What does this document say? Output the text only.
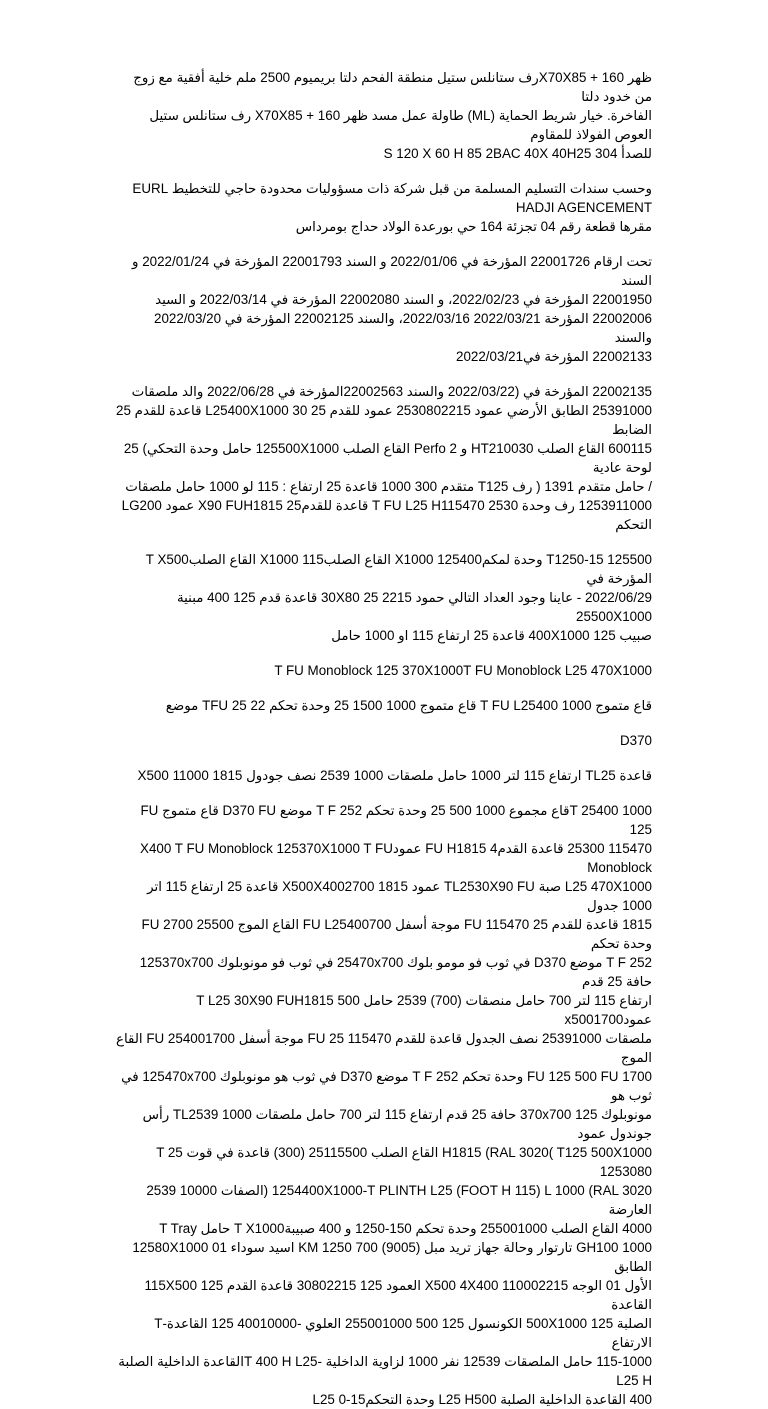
ظهر 160 + X70X85رف ستانلس ستيل منطقة الفحم دلتا بريميوم 2500 ملم خلية أفقية مع زوج من خدود دلتا
الفاخرة. خيار شريط الحماية (ML) طاولة عمل مسد ظهر 160 + X70X85 رف ستانلس ستيل العوص الفولاذ للمقاوم
للصدأ 304 S 120 X 60 H 85 2BAC 40X 40H25
وحسب سندات التسليم المسلمة من قبل شركة ذات مسؤوليات محدودة حاجي للتخطيط EURL HADJI AGENCEMENT
مقرها قطعة رقم 04 تجزئة 164 حي بورعدة الولاد حداج بومرداس
تحت ارقام 22001726 المؤرخة في 2022/01/06 و السند 22001793 المؤرخة في 2022/01/24 و السند
22001950 المؤرخة في 2022/02/23، و السند 22002080 المؤرخة في 2022/03/14 و السيد
22002006 المؤرخة 2022/03/21 2022/03/16، والسند 22002125 المؤرخة في 2022/03/20 والسند
22002133 المؤرخة في2022/03/21
22002135 المؤرخة في (2022/03/22 والسند 22002563المؤرخة في 2022/06/28 والد ملصقات
25391000 الطابق الأرضي عمود 2530802215 عمود للقدم 25 30 L25400X1000 قاعدة للقدم 25 الضابط
600115 القاع الصلب HT210030 و Perfo 2 القاع الصلب 125500X1000 حامل وحدة التحكي) 25 لوحة عادية
/ حامل متقدم 1391 ( رف T125 متقدم 300 1000 قاعدة 25 ارتفاع : 115 لو 1000 حامل ملصقات
1253911000 رف وحدة 2530 T FU L25 H115470 قاعدة للقدم25 X90 FUH1815 عمود LG200 التحكم
T1250-15 125500 وحدة لمكم125400 X1000 القاع الصلب115 X1000 القاع الصلبT X500 المؤرخة في
2022/06/29 - عاينا وجود العداد التالي حمود 2215 25 30X80 قاعدة قدم 125 400 مبنية 25500X1000
صبيب 125 400X1000 قاعدة 25 ارتفاع 115 او 1000 حامل
T FU Monoblock 125 370X1000T FU Monoblock L25 470X1000
قاع متموج T FU L25400 1000 قاع متموج 1000 1500 25 وحدة تحكم 22 25 TFU موضع
D370
قاعدة TL25 ارتفاع 115 لتر 1000 حامل ملصقات 1000 2539 نصف جودول 1815 11000 X500
T 25400 1000قاع مجموع 1000 500 25 وحدة تحكم T F 252 موضع D370 FU قاع متموج FU 125
115470 25300 قاعدة القدم4 FU H1815 عمودX400 T FU Monoblock 125370X1000 T FU Monoblock
L25 470X1000 صبة TL2530X90 FU عمود X500X4002700 1815 قاعدة 25 ارتفاع 115 اتر 1000 جدول
1815 قاعدة للقدم 25 115470 FU موجة أسفل FU L25400700 القاع الموج FU 2700 25500 وحدة تحكم
T F 252 موضع D370 في ثوب فو مومو بلوك 25470x700 في ثوب فو مونوبلوك 125370x700 حافة 25 قدم
ارتفاع 115 لتر 700 حامل منصقات (700) 2539 حامل T L25 30X90 FUH1815 500 عمودx5001700
ملصقات 25391000 نصف الجدول قاعدة للقدم FU 25 115470 موجة أسفل FU 254001700 القاع الموج
FU 125 500 FU 1700 وحدة تحكم T F 252 موضع D370 في ثوب هو مونوبلوك 125470x700 في ثوب هو
مونوبلوك 125 370x700 حافة 25 قدم ارتفاع 115 لتر 700 حامل ملصقات 1000 TL2539 رأس جوندول عمود
H1815 (RAL 3020( T125 500X1000 القاع الصلب 25115500 (300) قاعدة في قوت T 25 1253080
1254400X1000-T PLINTH L25 (FOOT H 115) L 1000 (RAL 3020 (الصفات 10000 2539 العارضة
4000 القاع الصلب 255001000 وحدة تحكم 150-1250 و 400 صبيبةT X1000 حامل T Tray
GH100 1000 تارتوار وحالة جهاز تريد مبل (9005) KM 1250 700 اسيد سوداء 12580X1000 01 الطابق
الأول 01 الوجه 110002215 X500 4X400 العمود 125 30802215 قاعدة القدم 125 115X500 القاعدة
الصلبة 125 500X1000 الكونسول 125 500 255001000 العلوي -40010000 125 القاعدة-T الارتفاع
115-1000 حامل الملصقات 12539 نفر 1000 لزاوية الداخلية -T 400 H L25القاعدة الداخلية الصلبة L25 H
400 القاعدة الداخلية الصلبة L25 H500 وحدة التحكم15-0 L25
